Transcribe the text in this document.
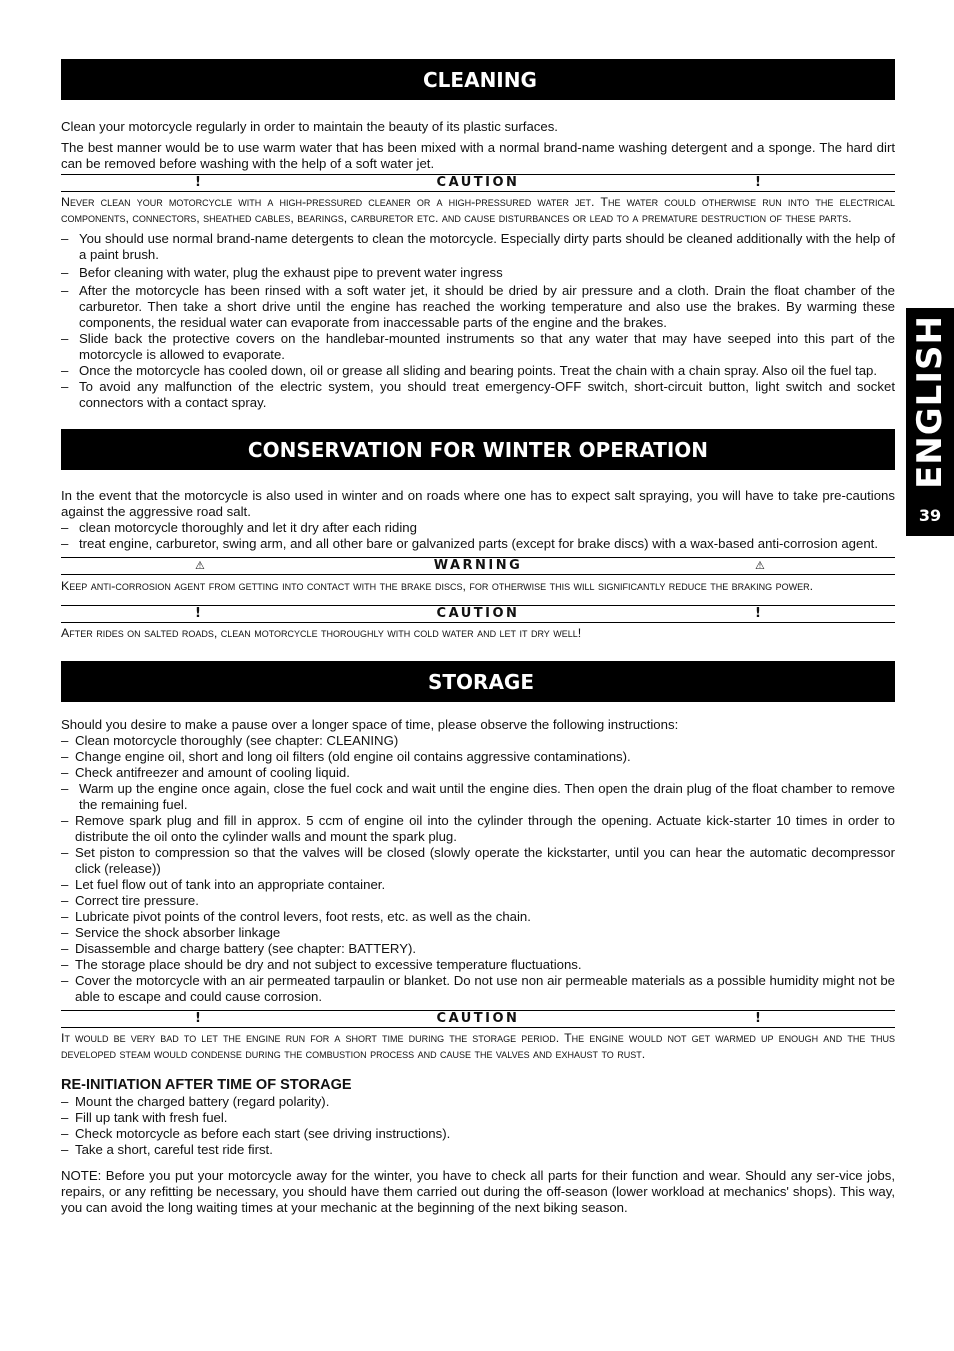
ENGLISH
39
CLEANING

Clean your motorcycle regularly in order to maintain the beauty of its plastic surfaces.

The best manner would be to use warm water that has been mixed with a normal brand-name washing detergent and a sponge. The hard dirt can be removed before washing with the help of a soft water jet.

!	CAUTION	!

Never clean your motorcycle with a high-pressured cleaner or a high-pressured water jet. The water could otherwise run into the electrical components, connectors, sheathed cables, bearings, carburetor etc. and cause disturbances or lead to a premature destruction of these parts.

– You should use normal brand-name detergents to clean the motorcycle. Especially dirty parts should be cleaned additionally with the help of a paint brush.
– Befor cleaning with water, plug the exhaust pipe to prevent water ingress
– After the motorcycle has been rinsed with a soft water jet, it should be dried by air pressure and a cloth. Drain the float chamber of the carburetor. Then take a short drive until the engine has reached the working temperature and also use the brakes. By warming these components, the residual water can evaporate from inaccessable parts of the engine and the brakes.
– Slide back the protective covers on the handlebar-mounted instruments so that any water that may have seeped into this part of the motorcycle is allowed to evaporate.
– Once the motorcycle has cooled down, oil or grease all sliding and bearing points. Treat the chain with a chain spray. Also oil the fuel tap.
– To avoid any malfunction of the electric system, you should treat emergency-OFF switch, short-circuit button, light switch and socket connectors with a contact spray.
CONSERVATION FOR WINTER OPERATION

In the event that the motorcycle is also used in winter and on roads where one has to expect salt spraying, you will have to take pre-cautions against the aggressive road salt.

– clean motorcycle thoroughly and let it dry after each riding
– treat engine, carburetor, swing arm, and all other bare or galvanized parts (except for brake discs) with a wax-based anti-corrosion agent.
⚠	WARNING	⚠

Keep anti-corrosion agent from getting into contact with the brake discs, for otherwise this will significantly reduce the braking power.

!	CAUTION	!

After rides on salted roads, clean motorcycle thoroughly with cold water and let it dry well!

STORAGE

Should you desire to make a pause over a longer space of time, please observe the following instructions:

– Clean motorcycle thoroughly (see chapter: CLEANING)
– Change engine oil, short and long oil filters (old engine oil contains aggressive contaminations).
– Check antifreezer and amount of cooling liquid.
– Warm up the engine once again, close the fuel cock and wait until the engine dies. Then open the drain plug of the float chamber to remove the remaining fuel.
– Remove spark plug and fill in approx. 5 ccm of engine oil into the cylinder through the opening. Actuate kick-starter 10 times in order to distribute the oil onto the cylinder walls and mount the spark plug.
– Set piston to compression so that the valves will be closed (slowly operate the kickstarter, until you can hear the automatic decompressor click (release))
– Let fuel flow out of tank into an appropriate container.
– Correct tire pressure.
– Lubricate pivot points of the control levers, foot rests, etc. as well as the chain.
– Service the shock absorber linkage
– Disassemble and charge battery (see chapter: BATTERY).
– The storage place should be dry and not subject to excessive temperature fluctuations.
– Cover the motorcycle with an air permeated tarpaulin or blanket. Do not use non air permeable materials as a possible humidity might not be able to escape and could cause corrosion.
!	CAUTION	!

It would be very bad to let the engine run for a short time during the storage period. The engine would not get warmed up enough and the thus developed steam would condense during the combustion process and cause the valves and exhaust to rust.

RE-INITIATION AFTER TIME OF STORAGE
– Mount the charged battery (regard polarity).
– Fill up tank with fresh fuel.
– Check motorcycle as before each start (see driving instructions).
– Take a short, careful test ride first.

NOTE: Before you put your motorcycle away for the winter, you have to check all parts for their function and wear. Should any ser-vice jobs, repairs, or any refitting be necessary, you should have them carried out during the off-season (lower workload at mechanics' shops). This way, you can avoid the long waiting times at your mechanic at the beginning of the next biking season.
